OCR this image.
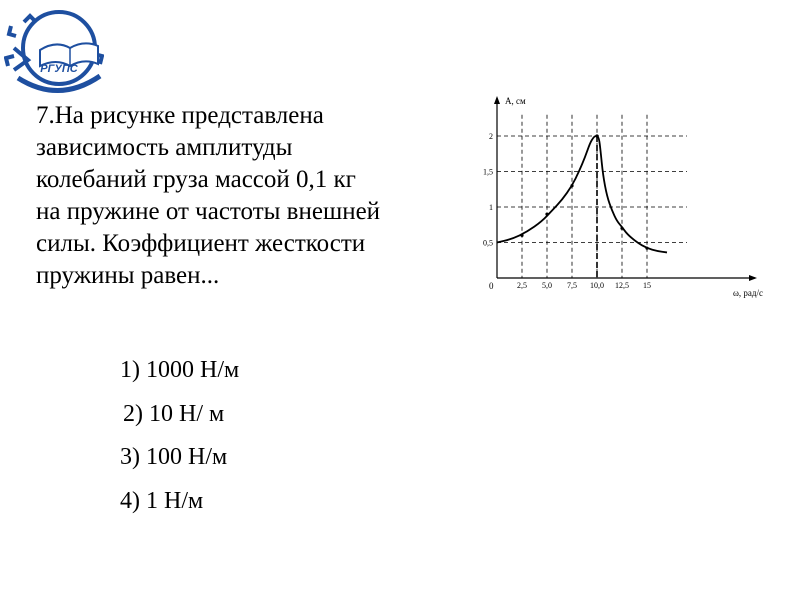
РГУПС

7.На рисунке представлена
зависимость амплитуды
колебаний груза массой 0,1 кг
на пружине от частоты внешней
силы. Коэффициент жесткости
пружины равен...

A, см
ω, рад/с
0
0,5
1
1,5
2
2,5 5,0 7,5 10,0 12,5 15
1) 1000 Н/м
2) 10 Н/ м
3) 100 Н/м
4) 1 Н/м
